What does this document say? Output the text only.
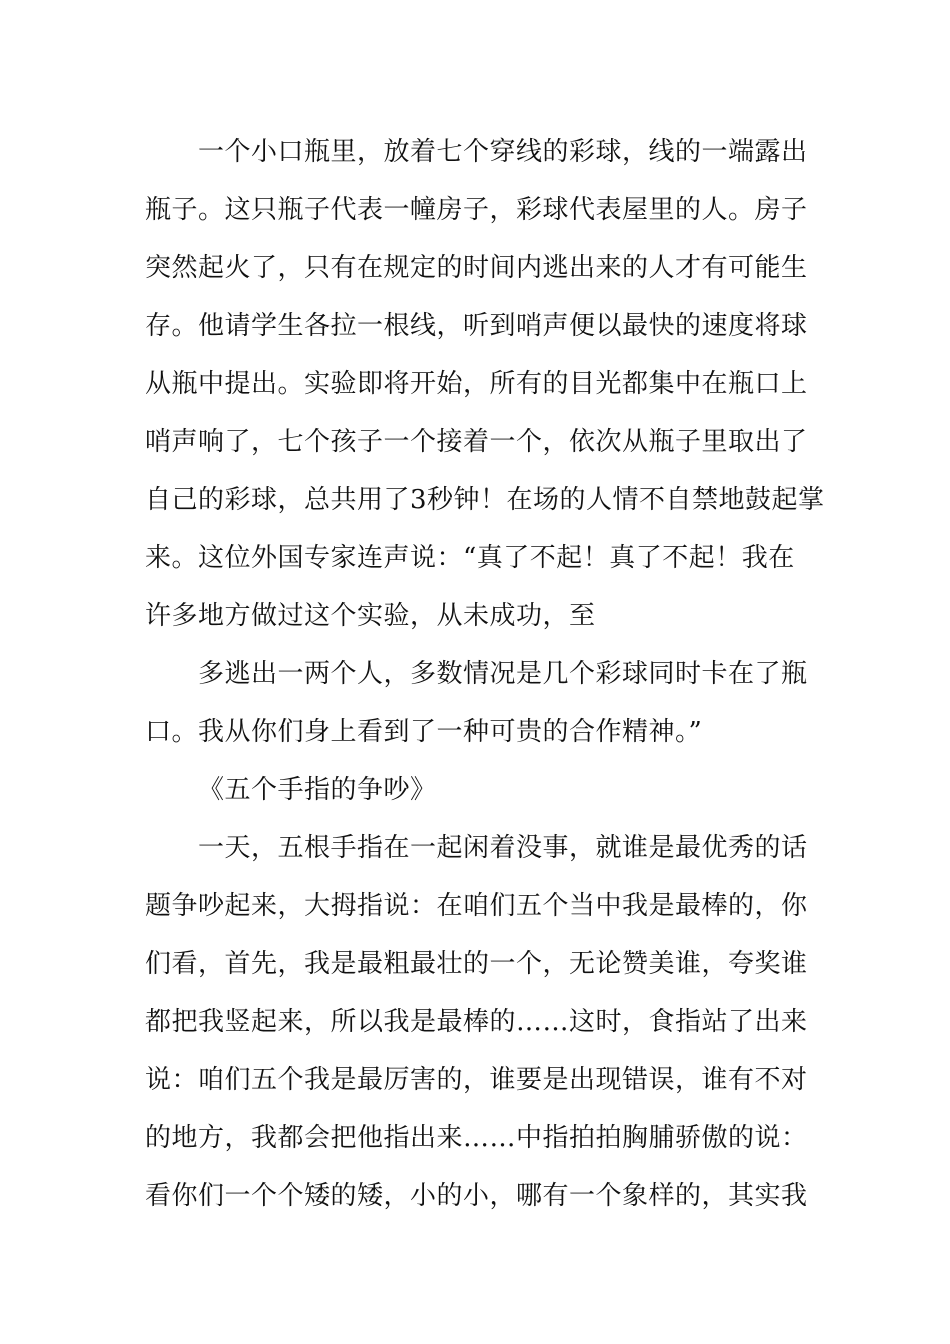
一个小口瓶里，放着七个穿线的彩球，线的一端露出
瓶子。这只瓶子代表一幢房子，彩球代表屋里的人。房子
突然起火了，只有在规定的时间内逃出来的人才有可能生
存。他请学生各拉一根线，听到哨声便以最快的速度将球
从瓶中提出。实验即将开始，所有的目光都集中在瓶口上
哨声响了，七个孩子一个接着一个，依次从瓶子里取出了
自己的彩球，总共用了3秒钟！在场的人情不自禁地鼓起掌
来。这位外国专家连声说：“真了不起！真了不起！我在
许多地方做过这个实验，从未成功，至
多逃出一两个人，多数情况是几个彩球同时卡在了瓶
口。我从你们身上看到了一种可贵的合作精神。”
《五个手指的争吵》
一天，五根手指在一起闲着没事，就谁是最优秀的话
题争吵起来，大拇指说：在咱们五个当中我是最棒的，你
们看，首先，我是最粗最壮的一个，无论赞美谁，夸奖谁
都把我竖起来，所以我是最棒的……这时，食指站了出来
说：咱们五个我是最厉害的，谁要是出现错误，谁有不对
的地方，我都会把他指出来……中指拍拍胸脯骄傲的说：
看你们一个个矮的矮，小的小，哪有一个象样的，其实我
